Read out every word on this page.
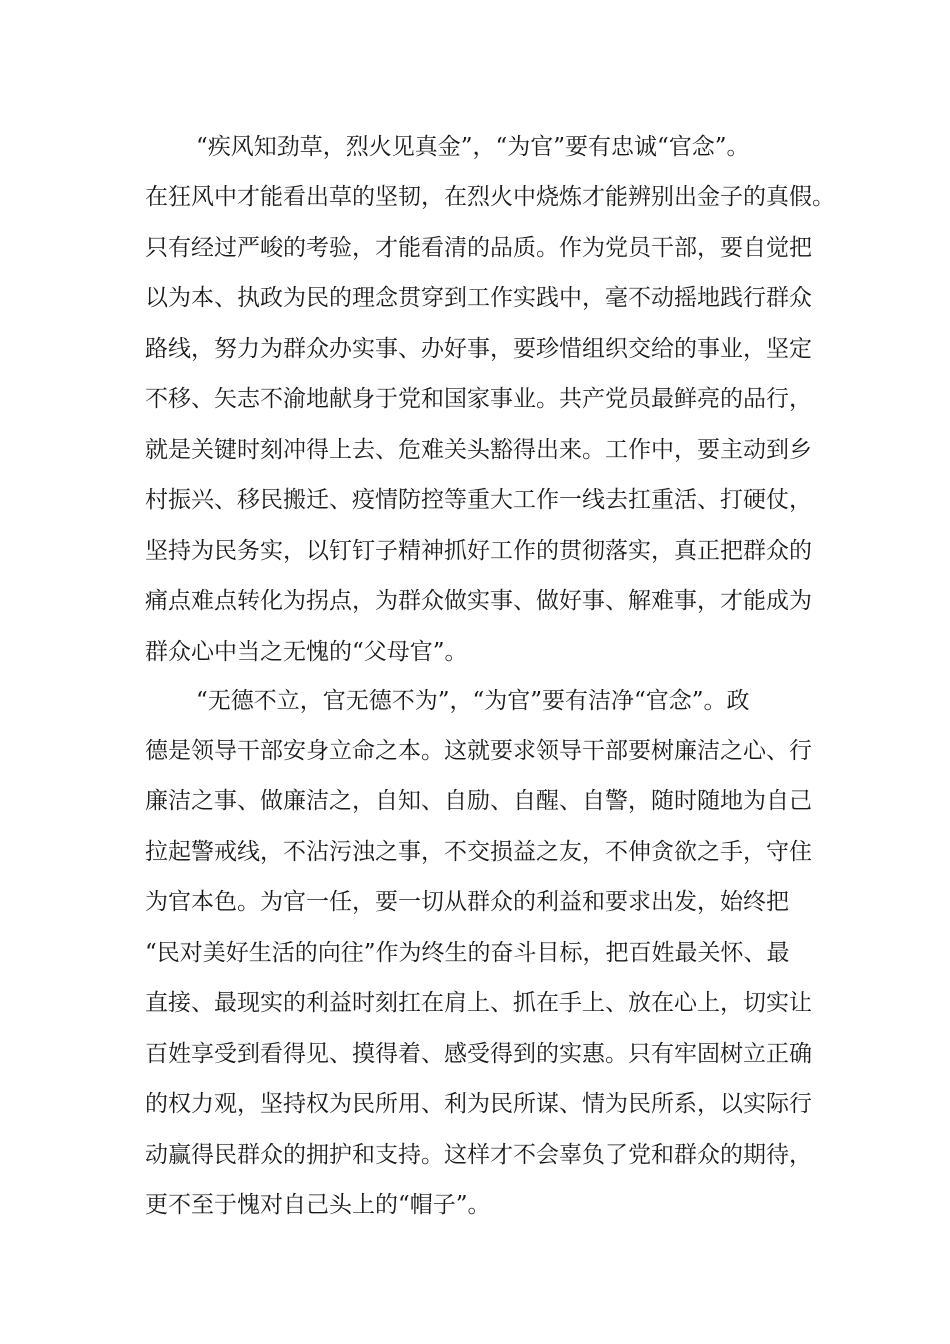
“疾风知劲草，烈火见真金”，“为官”要有忠诚“官念”。

在狂风中才能看出草的坚韧，在烈火中烧炼才能辨别出金子的真假。

只有经过严峻的考验，才能看清的品质。作为党员干部，要自觉把

以为本、执政为民的理念贯穿到工作实践中，毫不动摇地践行群众

路线，努力为群众办实事、办好事，要珍惜组织交给的事业，坚定

不移、矢志不渝地献身于党和国家事业。共产党员最鲜亮的品行，

就是关键时刻冲得上去、危难关头豁得出来。工作中，要主动到乡

村振兴、移民搬迁、疫情防控等重大工作一线去扛重活、打硬仗，

坚持为民务实，以钉钉子精神抓好工作的贯彻落实，真正把群众的

痛点难点转化为拐点，为群众做实事、做好事、解难事，才能成为

群众心中当之无愧的“父母官”。

“无德不立，官无德不为”，“为官”要有洁净“官念”。政

德是领导干部安身立命之本。这就要求领导干部要树廉洁之心、行

廉洁之事、做廉洁之，自知、自励、自醒、自警，随时随地为自己

拉起警戒线，不沾污浊之事，不交损益之友，不伸贪欲之手，守住

为官本色。为官一任，要一切从群众的利益和要求出发，始终把

“民对美好生活的向往”作为终生的奋斗目标，把百姓最关怀、最

直接、最现实的利益时刻扛在肩上、抓在手上、放在心上，切实让

百姓享受到看得见、摸得着、感受得到的实惠。只有牢固树立正确

的权力观，坚持权为民所用、利为民所谋、情为民所系，以实际行

动赢得民群众的拥护和支持。这样才不会辜负了党和群众的期待，

更不至于愧对自己头上的“帽子”。
